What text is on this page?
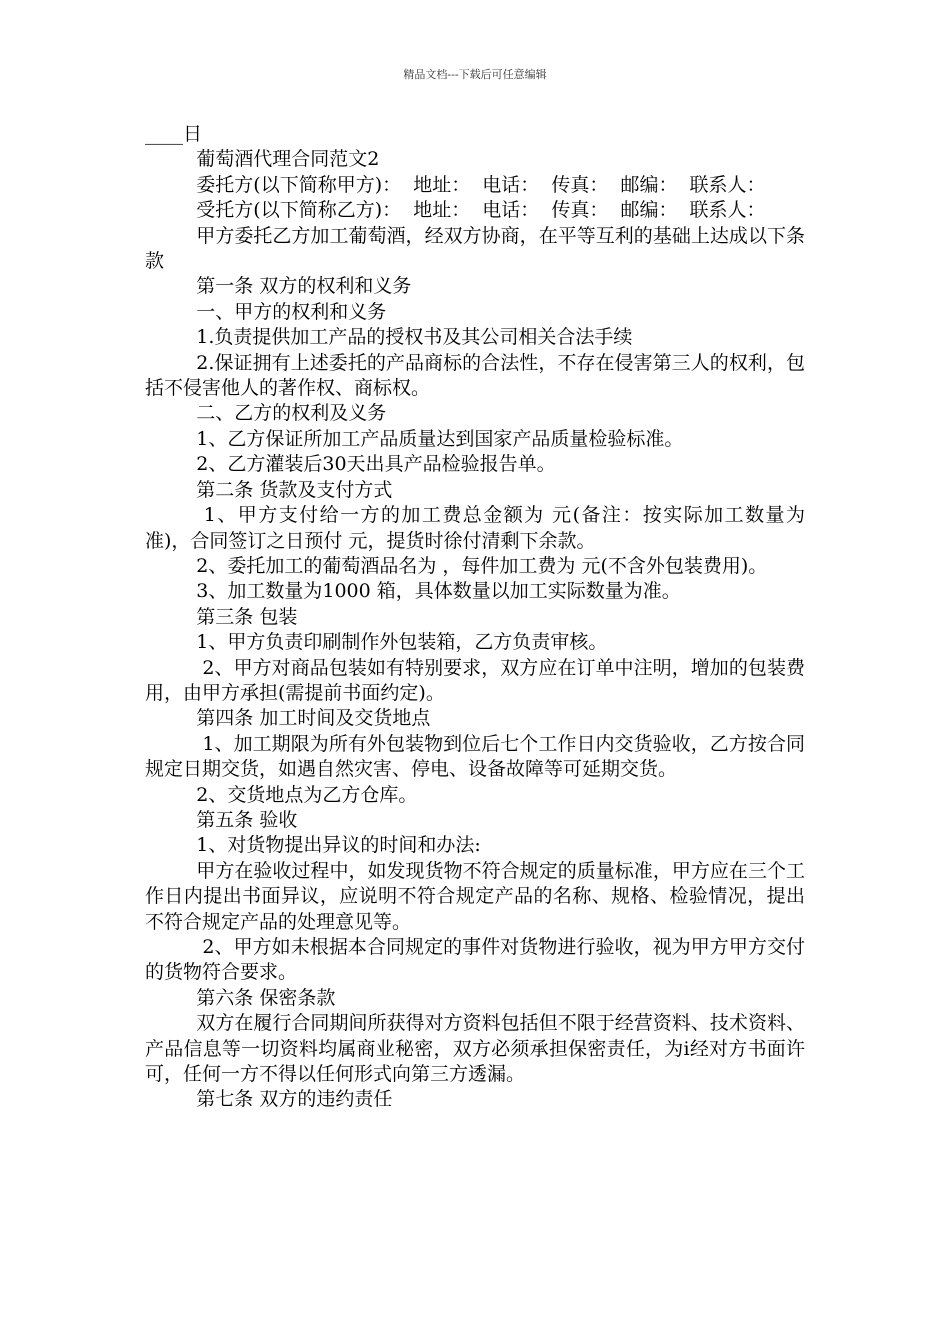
精品文档---下载后可任意编辑

____日

葡萄酒代理合同范文2

委托方(以下简称甲方)：  地址：  电话：  传真：  邮编：  联系人：

受托方(以下简称乙方)：  地址：  电话：  传真：  邮编：  联系人：

甲方委托乙方加工葡萄酒，经双方协商，在平等互利的基础上达成以下条款

第一条 双方的权利和义务

一、甲方的权利和义务

1.负责提供加工产品的授权书及其公司相关合法手续

2.保证拥有上述委托的产品商标的合法性，不存在侵害第三人的权利，包括不侵害他人的著作权、商标权。

二、乙方的权利及义务

1、乙方保证所加工产品质量达到国家产品质量检验标准。

2、乙方灌装后30天出具产品检验报告单。

第二条 货款及支付方式

1、甲方支付给一方的加工费总金额为 元(备注：按实际加工数量为准)，合同签订之日预付 元，提货时徐付清剩下余款。

2、委托加工的葡萄酒品名为 ，每件加工费为 元(不含外包装费用)。

3、加工数量为1000 箱，具体数量以加工实际数量为准。

第三条 包装

1、甲方负责印刷制作外包装箱，乙方负责审核。

2、甲方对商品包装如有特别要求，双方应在订单中注明，增加的包装费用，由甲方承担(需提前书面约定)。

第四条 加工时间及交货地点

1、加工期限为所有外包装物到位后七个工作日内交货验收，乙方按合同规定日期交货，如遇自然灾害、停电、设备故障等可延期交货。

2、交货地点为乙方仓库。

第五条 验收

1、对货物提出异议的时间和办法:

甲方在验收过程中，如发现货物不符合规定的质量标准，甲方应在三个工作日内提出书面异议，应说明不符合规定产品的名称、规格、检验情况，提出不符合规定产品的处理意见等。

2、甲方如未根据本合同规定的事件对货物进行验收，视为甲方甲方交付的货物符合要求。

第六条 保密条款

双方在履行合同期间所获得对方资料包括但不限于经营资料、技术资料、产品信息等一切资料均属商业秘密，双方必须承担保密责任，为i经对方书面许可，任何一方不得以任何形式向第三方透漏。

第七条 双方的违约责任
